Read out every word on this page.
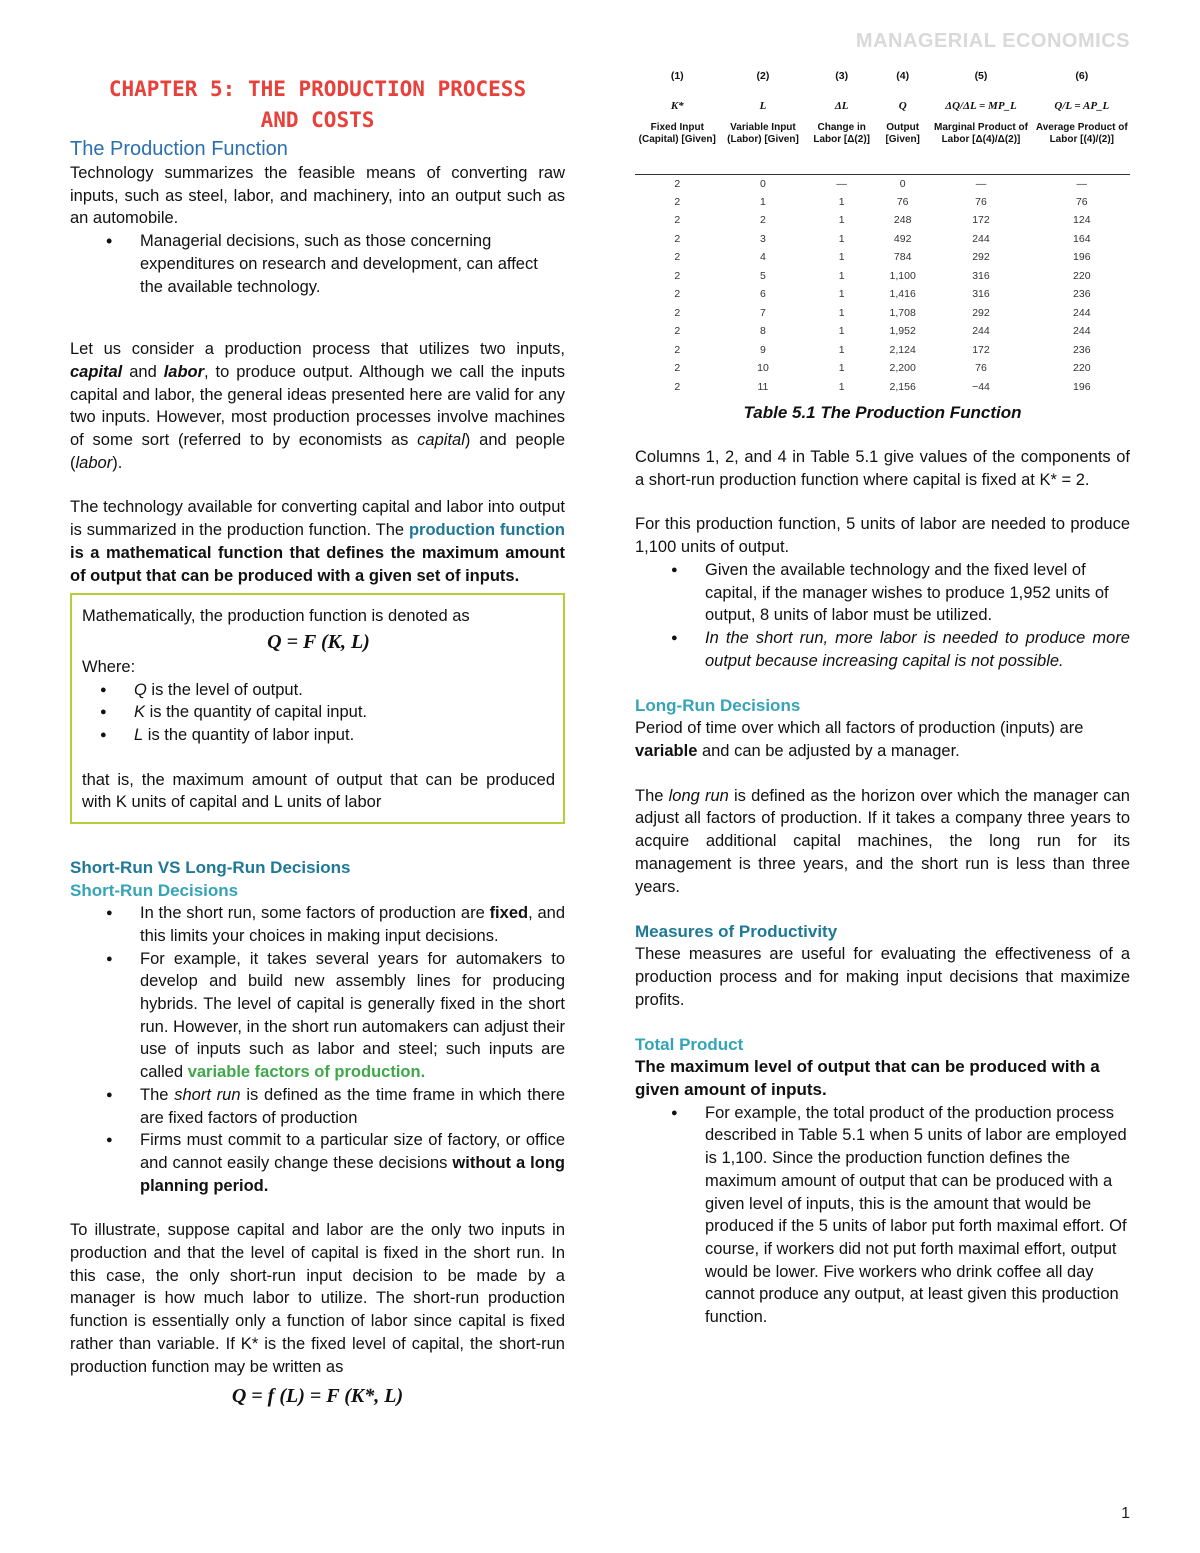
MANAGERIAL ECONOMICS
CHAPTER 5: THE PRODUCTION PROCESS
AND COSTS
The Production Function

Technology summarizes the feasible means of converting raw inputs, such as steel, labor, and machinery, into an output such as an automobile.

• Managerial decisions, such as those concerning expenditures on research and development, can affect the available technology.

Let us consider a production process that utilizes two inputs, capital and labor, to produce output. Although we call the inputs capital and labor, the general ideas presented here are valid for any two inputs. However, most production processes involve machines of some sort (referred to by economists as capital) and people (labor).

The technology available for converting capital and labor into output is summarized in the production function. The production function is a mathematical function that defines the maximum amount of output that can be produced with a given set of inputs.

Mathematically, the production function is denoted as
Q = F (K, L)
Where:
● Q is the level of output.
● K is the quantity of capital input.
● L is the quantity of labor input.

that is, the maximum amount of output that can be produced with K units of capital and L units of labor

Short-Run VS Long-Run Decisions
Short-Run Decisions
● In the short run, some factors of production are fixed, and this limits your choices in making input decisions.
● For example, it takes several years for automakers to develop and build new assembly lines for producing hybrids. The level of capital is generally fixed in the short run. However, in the short run automakers can adjust their use of inputs such as labor and steel; such inputs are called variable factors of production.
● The short run is defined as the time frame in which there are fixed factors of production
● Firms must commit to a particular size of factory, or office and cannot easily change these decisions without a long planning period.

To illustrate, suppose capital and labor are the only two inputs in production and that the level of capital is fixed in the short run. In this case, the only short-run input decision to be made by a manager is how much labor to utilize. The short-run production function is essentially only a function of labor since capital is fixed rather than variable. If K* is the fixed level of capital, the short-run production function may be written as

Q = f (L) = F (K*, L)
(1)	(2)	(3)	(4)	(5)	(6)
K*	L	ΔL	Q	ΔQ/ΔL = MP_L	Q/L = AP_L
Fixed Input (Capital) [Given]	Variable Input (Labor) [Given]	Change in Labor [Δ(2)]	Output [Given]	Marginal Product of Labor [Δ(4)/Δ(2)]	Average Product of Labor [(4)/(2)]
2	0	—	0	—	—
2	1	1	76	76	76
2	2	1	248	172	124
2	3	1	492	244	164
2	4	1	784	292	196
2	5	1	1,100	316	220
2	6	1	1,416	316	236
2	7	1	1,708	292	244
2	8	1	1,952	244	244
2	9	1	2,124	172	236
2	10	1	2,200	76	220
2	11	1	2,156	−44	196
Table 5.1 The Production Function

Columns 1, 2, and 4 in Table 5.1 give values of the components of a short-run production function where capital is fixed at K* = 2.

For this production function, 5 units of labor are needed to produce 1,100 units of output.

● Given the available technology and the fixed level of capital, if the manager wishes to produce 1,952 units of output, 8 units of labor must be utilized.
● In the short run, more labor is needed to produce more output because increasing capital is not possible.
Long-Run Decisions

Period of time over which all factors of production (inputs) are variable and can be adjusted by a manager.

The long run is defined as the horizon over which the manager can adjust all factors of production. If it takes a company three years to acquire additional capital machines, the long run for its management is three years, and the short run is less than three years.

Measures of Productivity

These measures are useful for evaluating the effectiveness of a production process and for making input decisions that maximize profits.

Total Product

The maximum level of output that can be produced with a given amount of inputs.

● For example, the total product of the production process described in Table 5.1 when 5 units of labor are employed is 1,100. Since the production function defines the maximum amount of output that can be produced with a given level of inputs, this is the amount that would be produced if the 5 units of labor put forth maximal effort. Of course, if workers did not put forth maximal effort, output would be lower. Five workers who drink coffee all day cannot produce any output, at least given this production function.
1
